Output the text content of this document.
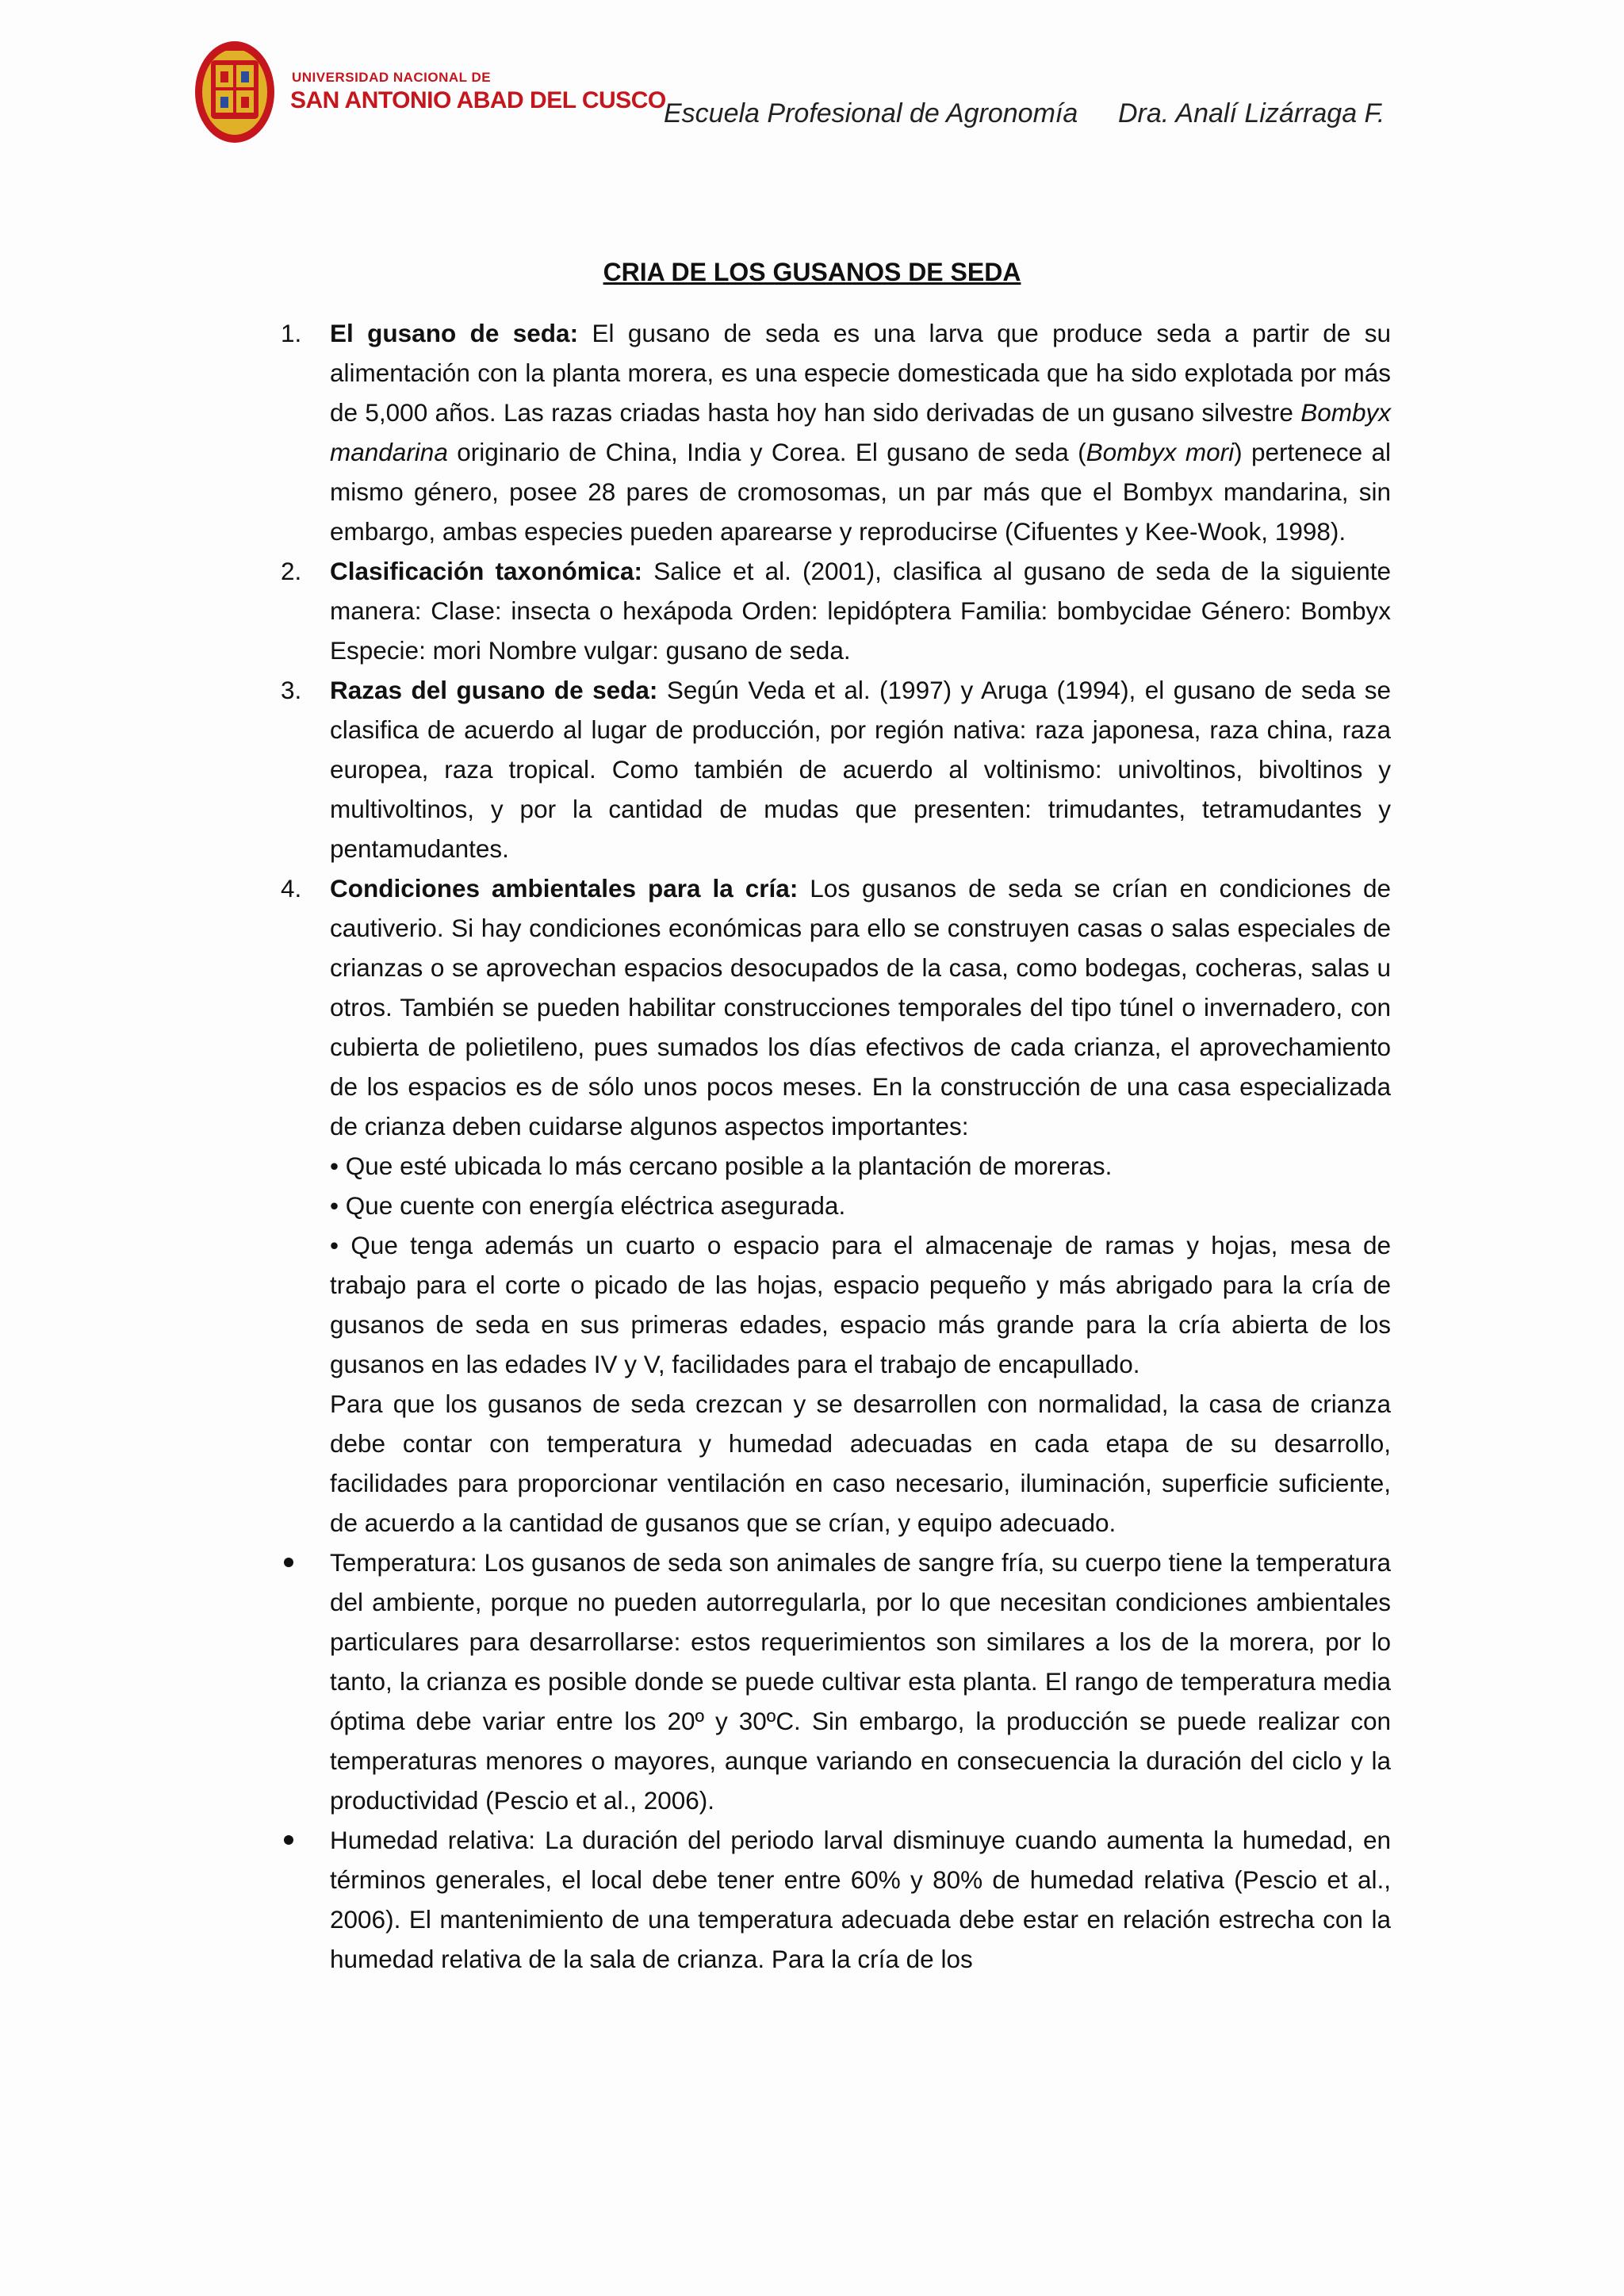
UNIVERSIDAD NACIONAL DE
SAN ANTONIO ABAD DEL CUSCO
Escuela Profesional de Agronomía Dra. Analí Lizárraga F.
CRIA DE LOS GUSANOS DE SEDA
1. El gusano de seda: El gusano de seda es una larva que produce seda a partir de su alimentación con la planta morera, es una especie domesticada que ha sido explotada por más de 5,000 años. Las razas criadas hasta hoy han sido derivadas de un gusano silvestre Bombyx mandarina originario de China, India y Corea. El gusano de seda (Bombyx mori) pertenece al mismo género, posee 28 pares de cromosomas, un par más que el Bombyx mandarina, sin embargo, ambas especies pueden aparearse y reproducirse (Cifuentes y Kee-Wook, 1998).
2. Clasificación taxonómica: Salice et al. (2001), clasifica al gusano de seda de la siguiente manera: Clase: insecta o hexápoda Orden: lepidóptera Familia: bombycidae Género: Bombyx Especie: mori Nombre vulgar: gusano de seda.
3. Razas del gusano de seda: Según Veda et al. (1997) y Aruga (1994), el gusano de seda se clasifica de acuerdo al lugar de producción, por región nativa: raza japonesa, raza china, raza europea, raza tropical. Como también de acuerdo al voltinismo: univoltinos, bivoltinos y multivoltinos, y por la cantidad de mudas que presenten: trimudantes, tetramudantes y pentamudantes.
4. Condiciones ambientales para la cría: Los gusanos de seda se crían en condiciones de cautiverio. Si hay condiciones económicas para ello se construyen casas o salas especiales de crianzas o se aprovechan espacios desocupados de la casa, como bodegas, cocheras, salas u otros. También se pueden habilitar construcciones temporales del tipo túnel o invernadero, con cubierta de polietileno, pues sumados los días efectivos de cada crianza, el aprovechamiento de los espacios es de sólo unos pocos meses. En la construcción de una casa especializada de crianza deben cuidarse algunos aspectos importantes:
• Que esté ubicada lo más cercano posible a la plantación de moreras.
• Que cuente con energía eléctrica asegurada.
• Que tenga además un cuarto o espacio para el almacenaje de ramas y hojas, mesa de trabajo para el corte o picado de las hojas, espacio pequeño y más abrigado para la cría de gusanos de seda en sus primeras edades, espacio más grande para la cría abierta de los gusanos en las edades IV y V, facilidades para el trabajo de encapullado.
Para que los gusanos de seda crezcan y se desarrollen con normalidad, la casa de crianza debe contar con temperatura y humedad adecuadas en cada etapa de su desarrollo, facilidades para proporcionar ventilación en caso necesario, iluminación, superficie suficiente, de acuerdo a la cantidad de gusanos que se crían, y equipo adecuado.
Temperatura: Los gusanos de seda son animales de sangre fría, su cuerpo tiene la temperatura del ambiente, porque no pueden autorregularla, por lo que necesitan condiciones ambientales particulares para desarrollarse: estos requerimientos son similares a los de la morera, por lo tanto, la crianza es posible donde se puede cultivar esta planta. El rango de temperatura media óptima debe variar entre los 20º y 30ºC. Sin embargo, la producción se puede realizar con temperaturas menores o mayores, aunque variando en consecuencia la duración del ciclo y la productividad (Pescio et al., 2006).
Humedad relativa: La duración del periodo larval disminuye cuando aumenta la humedad, en términos generales, el local debe tener entre 60% y 80% de humedad relativa (Pescio et al., 2006). El mantenimiento de una temperatura adecuada debe estar en relación estrecha con la humedad relativa de la sala de crianza. Para la cría de los
